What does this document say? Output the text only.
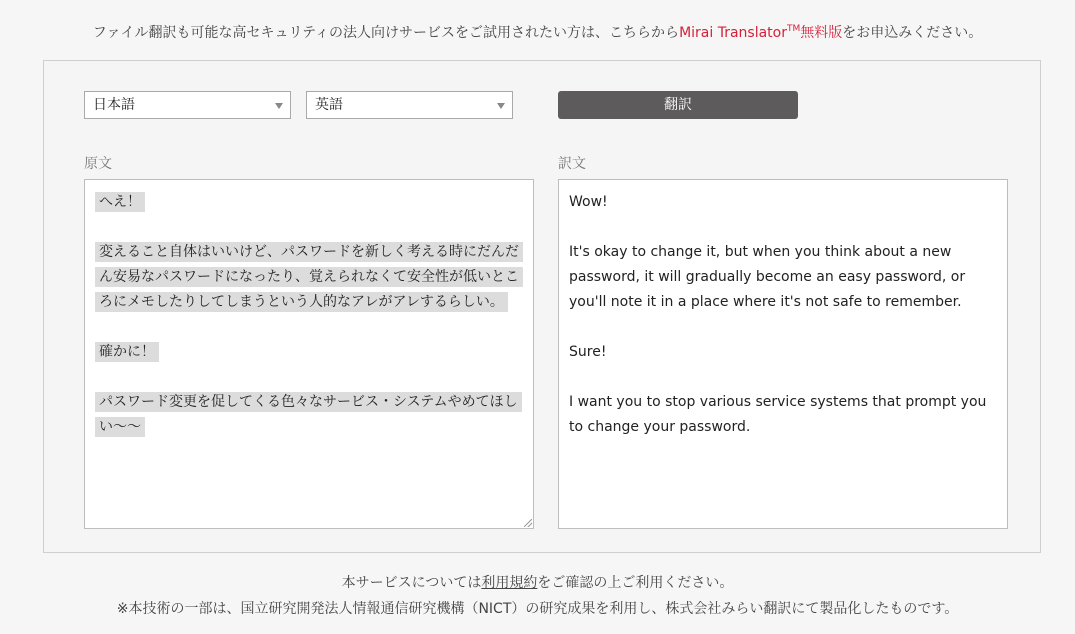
ファイル翻訳も可能な高セキュリティの法人向けサービスをご試用されたい方は、こちらからMirai Translator™無料版をお申込みください。
日本語	英語	翻訳
原文	訳文

へえ！

変えること自体はいいけど、パスワードを新しく考える時にだんだん安易なパスワードになったり、覚えられなくて安全性が低いところにメモしたりしてしまうという人的なアレがアレするらしい。

確かに！

パスワード変更を促してくる色々なサービス・システムやめてほしい〜〜

Wow!

It's okay to change it, but when you think about a new password, it will gradually become an easy password, or you'll note it in a place where it's not safe to remember.

Sure!

I want you to stop various service systems that prompt you to change your password.

本サービスについては利用規約をご確認の上ご利用ください。
※本技術の一部は、国立研究開発法人情報通信研究機構（NICT）の研究成果を利用し、株式会社みらい翻訳にて製品化したものです。
